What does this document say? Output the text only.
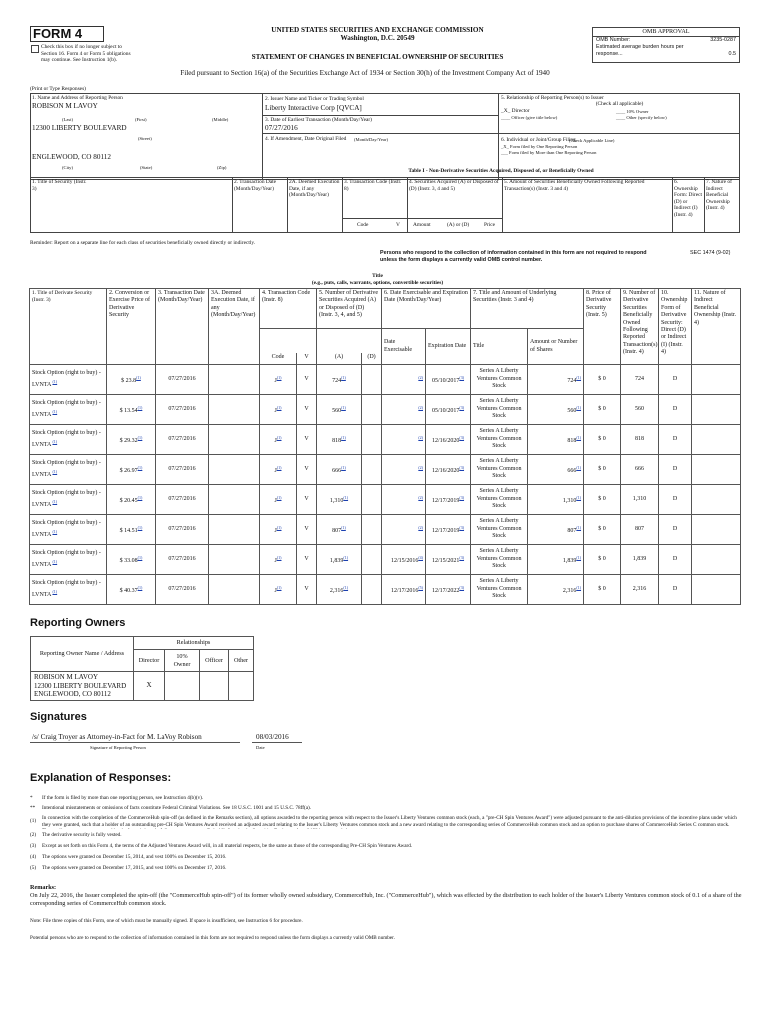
FORM 4
Check this box if no longer subject to Section 16. Form 4 or Form 5 obligations may continue. See Instruction 1(b).
UNITED STATES SECURITIES AND EXCHANGE COMMISSION
Washington, D.C. 20549
STATEMENT OF CHANGES IN BENEFICIAL OWNERSHIP OF SECURITIES
Filed pursuant to Section 16(a) of the Securities Exchange Act of 1934 or Section 30(h) of the Investment Company Act of 1940
OMB APPROVAL
OMB Number:	3235-0287
Estimated average burden hours per response...	0.5
(Print or Type Responses)
1. Name and Address of Reporting Person
ROBISON M LAVOY
(Last)	(First)	(Middle)
12300 LIBERTY BOULEVARD
(Street)
ENGLEWOOD, CO 80112
(City)	(State)	(Zip)
2. Issuer Name and Ticker or Trading Symbol
Liberty Interactive Corp [QVCA]
3. Date of Earliest Transaction (Month/Day/Year)
07/27/2016
4. If Amendment, Date Original Filed (Month/Day/Year)
5. Relationship of Reporting Person(s) to Issuer
(Check all applicable)
_X_ Director	____ 10% Owner
____ Officer (give title below)	____ Other (specify below)
6. Individual or Joint/Group Filing
(Check Applicable Line)
_X_ Form filed by One Reporting Person
___ Form filed by More than One Reporting Person
Table I - Non-Derivative Securities Acquired, Disposed of, or Beneficially Owned
1. Title of Security (Instr. 3)
2. Transaction Date (Month/Day/Year)
2A. Deemed Execution Date, if any (Month/Day/Year)
3. Transaction Code (Instr. 8)
4. Securities Acquired (A) or Disposed of (D) (Instr. 3, 4 and 5)
5. Amount of Securities Beneficially Owned Following Reported Transaction(s) (Instr. 3 and 4)
6. Ownership Form: Direct (D) or Indirect (I) (Instr. 4)
7. Nature of Indirect Beneficial Ownership (Instr. 4)
Code	V Amount	(A) or (D)	Price
Reminder: Report on a separate line for each class of securities beneficially owned directly or indirectly.
Persons who respond to the collection of information contained in this form are not required to respond unless the form displays a currently valid OMB control number.
SEC 1474 (9-02)
Title
(e.g., puts, calls, warrants, options, convertible securities)
1. Title of Derivate Security (Instr. 3)	2. Conversion or Exercise Price of Derivative Security	3. Transaction Date (Month/Day/Year)	3A. Deemed Execution Date, if any (Month/Day/Year)	4. Transaction Code (Instr. 8)		5. Number of Derivative Securities Acquired (A) or Disposed of (D) (Instr. 3, 4, and 5)		6. Date Exercisable and Expiration Date (Month/Day/Year)		7. Title and Amount of Underlying Securities (Instr. 3 and 4)		8. Price of Derivative Security (Instr. 5)	9. Number of Derivative Securities Beneficially Owned Following Reported Transaction(s) (Instr. 4)	10. Ownership Form of Derivative Security: Direct (D) or Indirect (I) (Instr. 4)	11. Nature of Indirect Beneficial Ownership (Instr. 4)
								Date Exercisable	Expiration Date	Title	Amount or Number of Shares				
				Code	V	(A)	(D)								
Stock Option (right to buy) - LVNTA $^{(1)}$	$ 23.8$^{(1)}$	07/27/2016		$J^{(1)}$	V	724$^{(1)}$		$^{(2)}$	05/10/2017$^{(3)}$	Series A Liberty Ventures Common Stock	724$^{(1)}$	$ 0	724	D	
Stock Option (right to buy) - LVNTA $^{(1)}$	$ 13.54$^{(1)}$	07/27/2016		$J^{(1)}$	V	560$^{(1)}$		$^{(2)}$	05/10/2017$^{(3)}$	Series A Liberty Ventures Common Stock	560$^{(1)}$	$ 0	560	D	
Stock Option (right to buy) - LVNTA $^{(1)}$	$ 29.32$^{(1)}$	07/27/2016		$J^{(1)}$	V	818$^{(1)}$		$^{(2)}$	12/16/2020$^{(3)}$	Series A Liberty Ventures Common Stock	818$^{(1)}$	$ 0	818	D	
Stock Option (right to buy) - LVNTA $^{(1)}$	$ 26.97$^{(1)}$	07/27/2016		$J^{(1)}$	V	666$^{(1)}$		$^{(2)}$	12/16/2020$^{(3)}$	Series A Liberty Ventures Common Stock	666$^{(1)}$	$ 0	666	D	
Stock Option (right to buy) - LVNTA $^{(1)}$	$ 20.45$^{(1)}$	07/27/2016		$J^{(1)}$	V	1,310$^{(1)}$		$^{(2)}$	12/17/2019$^{(3)}$	Series A Liberty Ventures Common Stock	1,310$^{(1)}$	$ 0	1,310	D	
Stock Option (right to buy) - LVNTA $^{(1)}$	$ 14.51$^{(1)}$	07/27/2016		$J^{(1)}$	V	807$^{(1)}$		$^{(2)}$	12/17/2019$^{(3)}$	Series A Liberty Ventures Common Stock	807$^{(1)}$	$ 0	807	D	
Stock Option (right to buy) - LVNTA $^{(1)}$	$ 33.08$^{(1)}$	07/27/2016		$J^{(1)}$	V	1,839$^{(1)}$		12/15/2016$^{(4)}$	12/15/2021$^{(3)}$	Series A Liberty Ventures Common Stock	1,839$^{(1)}$	$ 0	1,839	D	
Stock Option (right to buy) - LVNTA $^{(1)}$	$ 40.37$^{(1)}$	07/27/2016		$J^{(1)}$	V	2,316$^{(1)}$		12/17/2016$^{(5)}$	12/17/2022$^{(3)}$	Series A Liberty Ventures Common Stock	2,316$^{(1)}$	$ 0	2,316	D	
Reporting Owners
Reporting Owner Name / Address	Relationships			
	Director	10% Owner	Officer	Other

ROBISON M LAVOY
12300 LIBERTY BOULEVARD
ENGLEWOOD, CO 80112	X			
Signatures
/s/ Craig Troyer as Attorney-in-Fact for M. LaVoy Robison
Signature of Reporting Person
08/03/2016
Date
Explanation of Responses:
* If the form is filed by more than one reporting person, see Instruction 4(b)(v).
** Intentional misstatements or omissions of facts constitute Federal Criminal Violations. See 18 U.S.C. 1001 and 15 U.S.C. 78ff(a).
(1) In connection with the completion of the CommerceHub spin-off (as defined in the Remarks section), all options awarded to the reporting person with respect to the Issuer's Liberty Ventures common stock (each, a "pre-CH Spin Ventures Award") were adjusted pursuant to the anti-dilution provisions of the incentive plans under which they were granted, such that a holder of an outstanding pre-CH Spin Ventures Award received an adjusted award relating to the Issuer's Liberty Ventures common stock and a new award relating to the corresponding series of CommerceHub common stock and an option to purchase shares of CommerceHub Series C common stock.
(2) The derivative security is fully vested.
(3) Except as set forth on this Form 4, the terms of the Adjusted Ventures Award will, in all material respects, be the same as those of the corresponding Pre-CH Spin Ventures Award.
(4) The options were granted on December 15, 2014, and vest 100% on December 15, 2016.
(5) The options were granted on December 17, 2015, and vest 100% on December 17, 2016.
Remarks:
On July 22, 2016, the Issuer completed the spin-off (the "CommerceHub spin-off") of its former wholly owned subsidiary, CommerceHub, Inc. ("CommerceHub"), which was effected by the distribution to each holder of the Issuer's Liberty Ventures common stock of 0.1 of a share of the corresponding series of CommerceHub common stock.
Note: File three copies of this Form, one of which must be manually signed. If space is insufficient, see Instruction 6 for procedure.
Potential persons who are to respond to the collection of information contained in this form are not required to respond unless the form displays a currently valid OMB number.
